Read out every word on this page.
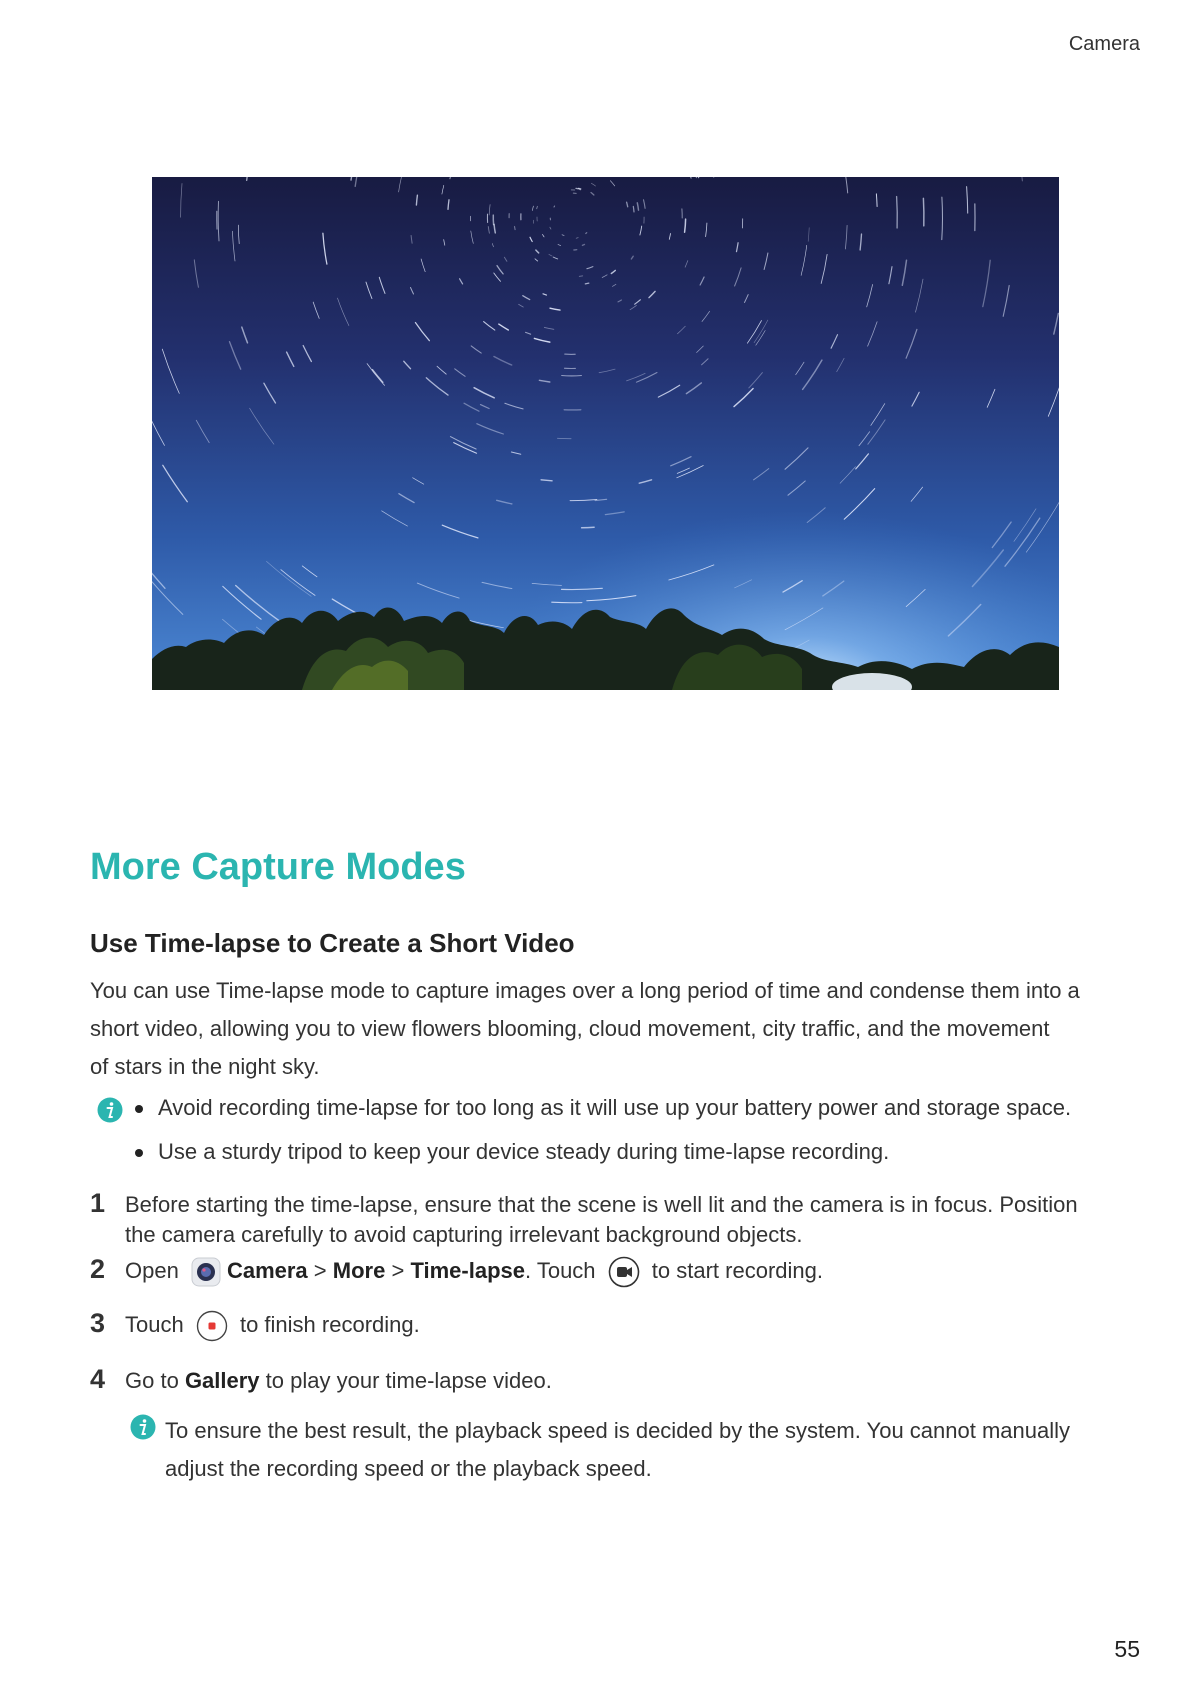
Camera
More Capture Modes
Use Time-lapse to Create a Short Video

You can use Time-lapse mode to capture images over a long period of time and condense them into a
short video, allowing you to view flowers blooming, cloud movement, city traffic, and the movement
of stars in the night sky.

Avoid recording time-lapse for too long as it will use up your battery power and storage space.
Use a sturdy tripod to keep your device steady during time-lapse recording.
1 Before starting the time-lapse, ensure that the scene is well lit and the camera is in focus. Position
the camera carefully to avoid capturing irrelevant background objects.
2 Open Camera > More > Time-lapse. Touch	to start recording.
3 Touch	to finish recording.
4 Go to Gallery to play your time-lapse video.

To ensure the best result, the playback speed is decided by the system. You cannot manually
adjust the recording speed or the playback speed.

55
